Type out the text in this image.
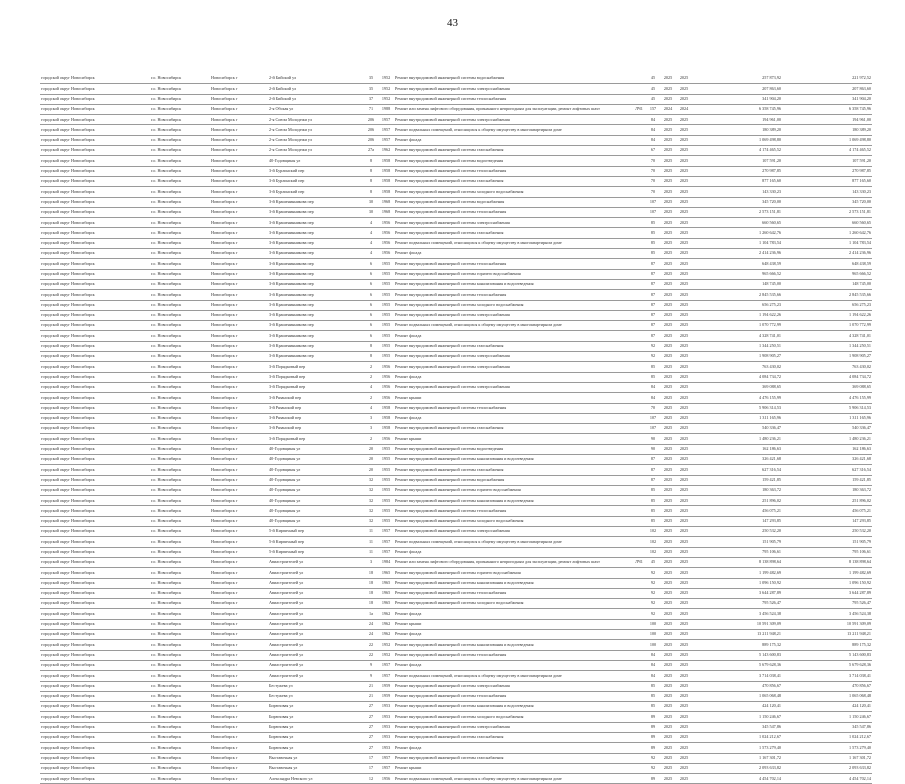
43
городской округ Новосибирск	г.о. Новосибирск	Новосибирск г	2-й Бийский ул	35	1952	Ремонт внутридомовой инженерной системы водоснабжения		45	2025	2025	257 873,92	221 972,52
городской округ Новосибирск	г.о. Новосибирск	Новосибирск г	2-й Бийский ул	35	1952	Ремонт внутридомовой инженерной системы электроснабжения		45	2025	2025	207 863,60	207 863,60
городской округ Новосибирск	г.о. Новосибирск	Новосибирск г	2-й Бийский ул	37	1952	Ремонт внутридомовой инженерной системы теплоснабжения		45	2025	2025	341 904,20	341 904,20
городской округ Новосибирск	г.о. Новосибирск	Новосибирск г	2-я Обская ул	71	1988	Ремонт или замена лифтового оборудования, признанного непригодным для эксплуатации, ремонт лифтовых шахт	ЛЧ1	157	2024	2024	6 358 745,96	6 358 745,96
городской округ Новосибирск	г.о. Новосибирск	Новосибирск г	2-я Союза Молодежи ул	206	1957	Ремонт внутридомовой инженерной системы электроснабжения		84	2025	2025	194 961,00	194 961,00
городской округ Новосибирск	г.о. Новосибирск	Новосибирск г	2-я Союза Молодежи ул	206	1957	Ремонт подвальных помещений, относящихся к общему имуществу в многоквартирном доме		84	2025	2025	180 389,20	180 389,20
городской округ Новосибирск	г.о. Новосибирск	Новосибирск г	2-я Союза Молодежи ул	206	1957	Ремонт фасада		84	2025	2025	1 069 498,80	1 069 498,80
городской округ Новосибирск	г.о. Новосибирск	Новосибирск г	2-я Союза Молодежи ул	27а	1962	Ремонт внутридомовой инженерной системы газоснабжения		67	2025	2025	4 174 465,52	4 174 465,52
городской округ Новосибирск	г.о. Новосибирск	Новосибирск г	40-Годовщины ул	8	1958	Ремонт внутридомовой инженерной системы водоотведения		70	2025	2025	107 591,20	107 591,20
городской округ Новосибирск	г.о. Новосибирск	Новосибирск г	3-й Бурлинский пер	8	1958	Ремонт внутридомовой инженерной системы теплоснабжения		70	2025	2025	270 987,85	270 987,85
городской округ Новосибирск	г.о. Новосибирск	Новосибирск г	3-й Бурлинский пер	8	1958	Ремонт внутридомовой инженерной системы газоснабжения		70	2025	2025	877 165,60	877 165,60
городской округ Новосибирск	г.о. Новосибирск	Новосибирск г	3-й Бурлинский пер	8	1958	Ремонт внутридомовой инженерной системы холодного водоснабжения		70	2025	2025	143 330,23	143 330,23
городской округ Новосибирск	г.о. Новосибирск	Новосибирск г	3-й Крашенинникова пер	30	1968	Ремонт внутридомовой инженерной системы водоснабжения		107	2025	2025	345 720,00	345 720,00
городской округ Новосибирск	г.о. Новосибирск	Новосибирск г	3-й Крашенинникова пер	30	1968	Ремонт внутридомовой инженерной системы теплоснабжения		107	2025	2025	2 573 151,81	2 573 151,81
городской округ Новосибирск	г.о. Новосибирск	Новосибирск г	3-й Крашенинникова пер	4	1956	Ремонт внутридомовой инженерной системы электроснабжения		85	2025	2025	660 560,65	660 560,65
городской округ Новосибирск	г.о. Новосибирск	Новосибирск г	3-й Крашенинникова пер	4	1956	Ремонт внутридомовой инженерной системы газоснабжения		85	2025	2025	1 260 642,76	1 260 642,76
городской округ Новосибирск	г.о. Новосибирск	Новосибирск г	3-й Крашенинникова пер	4	1956	Ремонт подвальных помещений, относящихся к общему имуществу в многоквартирном доме		85	2025	2025	1 104 783,54	1 104 783,54
городской округ Новосибирск	г.о. Новосибирск	Новосибирск г	3-й Крашенинникова пер	4	1956	Ремонт фасада		85	2025	2025	2 414 236,96	2 414 236,96
городской округ Новосибирск	г.о. Новосибирск	Новосибирск г	3-й Крашенинникова пер	6	1955	Ремонт внутридомовой инженерной системы теплоснабжения		87	2025	2025	648 438,59	648 438,59
городской округ Новосибирск	г.о. Новосибирск	Новосибирск г	3-й Крашенинникова пер	6	1955	Ремонт внутридомовой инженерной системы горячего водоснабжения		87	2025	2025	965 666,52	965 666,52
городской округ Новосибирск	г.о. Новосибирск	Новосибирск г	3-й Крашенинникова пер	6	1955	Ремонт внутридомовой инженерной системы канализования и водоотведения		87	2025	2025	148 745,00	148 745,00
городской округ Новосибирск	г.о. Новосибирск	Новосибирск г	3-й Крашенинникова пер	6	1955	Ремонт внутридомовой инженерной системы теплоснабжения		87	2025	2025	2 845 535,66	2 845 535,66
городской округ Новосибирск	г.о. Новосибирск	Новосибирск г	3-й Крашенинникова пер	6	1955	Ремонт внутридомовой инженерной системы холодного водоснабжения		87	2025	2025	656 275,23	656 275,23
городской округ Новосибирск	г.о. Новосибирск	Новосибирск г	3-й Крашенинникова пер	6	1955	Ремонт внутридомовой инженерной системы электроснабжения		87	2025	2025	1 194 622,26	1 194 622,26
городской округ Новосибирск	г.о. Новосибирск	Новосибирск г	3-й Крашенинникова пер	6	1955	Ремонт подвальных помещений, относящихся к общему имуществу в многоквартирном доме		87	2025	2025	1 070 772,99	1 070 772,99
городской округ Новосибирск	г.о. Новосибирск	Новосибирск г	3-й Крашенинникова пер	6	1955	Ремонт фасада		87	2025	2025	4 328 741,01	4 328 741,01
городской округ Новосибирск	г.о. Новосибирск	Новосибирск г	3-й Крашенинникова пер	8	1955	Ремонт внутридомовой инженерной системы газоснабжения		92	2025	2025	1 344 250,51	1 344 250,51
городской округ Новосибирск	г.о. Новосибирск	Новосибирск г	3-й Крашенинникова пер	8	1955	Ремонт внутридомовой инженерной системы электроснабжения		92	2025	2025	1 908 905,27	1 908 905,27
городской округ Новосибирск	г.о. Новосибирск	Новосибирск г	3-й Порядковый пер	2	1956	Ремонт внутридомовой инженерной системы электроснабжения		85	2025	2025	763 430,02	763 430,02
городской округ Новосибирск	г.о. Новосибирск	Новосибирск г	3-й Порядковый пер	2	1956	Ремонт фасада		85	2025	2025	4 084 734,72	4 084 734,72
городской округ Новосибирск	г.о. Новосибирск	Новосибирск г	3-й Порядковый пер	4	1956	Ремонт внутридомовой инженерной системы электроснабжения		84	2025	2025	369 088,65	369 088,65
городской округ Новосибирск	г.о. Новосибирск	Новосибирск г	3-й Рязанский пер	2	1956	Ремонт крыши		84	2025	2025	4 476 155,99	4 476 155,99
городской округ Новосибирск	г.о. Новосибирск	Новосибирск г	3-й Рязанский пер	4	1958	Ремонт внутридомовой инженерной системы теплоснабжения		70	2025	2025	5 906 314,53	5 906 314,53
городской округ Новосибирск	г.о. Новосибирск	Новосибирск г	3-й Рязанский пер	3	1958	Ремонт фасада		107	2025	2025	1 311 165,96	1 311 165,96
городской округ Новосибирск	г.о. Новосибирск	Новосибирск г	3-й Рязанский пер	3	1958	Ремонт внутридомовой инженерной системы газоснабжения		107	2025	2025	540 336,47	540 336,47
городской округ Новосибирск	г.о. Новосибирск	Новосибирск г	3-й Порядковый пер	2	1956	Ремонт крыши		90	2025	2025	1 480 236,21	1 480 236,21
городской округ Новосибирск	г.о. Новосибирск	Новосибирск г	40-Годовщины ул	20	1955	Ремонт внутридомовой инженерной системы водоотведения		90	2025	2025	162 186,63	162 186,63
городской округ Новосибирск	г.о. Новосибирск	Новосибирск г	40-Годовщины ул	20	1955	Ремонт внутридомовой инженерной системы канализования и водоотведения		87	2025	2025	326 421,68	326 421,68
городской округ Новосибирск	г.о. Новосибирск	Новосибирск г	40-Годовщины ул	20	1955	Ремонт внутридомовой инженерной системы газоснабжения		87	2025	2025	627 316,54	627 316,54
городской округ Новосибирск	г.о. Новосибирск	Новосибирск г	40-Годовщины ул	32	1955	Ремонт внутридомовой инженерной системы водоснабжения		87	2025	2025	159 421,85	159 421,85
городской округ Новосибирск	г.о. Новосибирск	Новосибирск г	40-Годовщины ул	32	1955	Ремонт внутридомовой инженерной системы горячего водоснабжения		85	2025	2025	180 363,72	180 363,72
городской округ Новосибирск	г.о. Новосибирск	Новосибирск г	40-Годовщины ул	32	1955	Ремонт внутридомовой инженерной системы канализования и водоотведения		85	2025	2025	251 896,02	251 896,02
городской округ Новосибирск	г.о. Новосибирск	Новосибирск г	40-Годовщины ул	32	1955	Ремонт внутридомовой инженерной системы теплоснабжения		85	2025	2025	456 075,21	456 075,21
городской округ Новосибирск	г.о. Новосибирск	Новосибирск г	40-Годовщины ул	32	1955	Ремонт внутридомовой инженерной системы холодного водоснабжения		85	2025	2025	147 293,85	147 293,85
городской округ Новосибирск	г.о. Новосибирск	Новосибирск г	5-й Кирпичный пер	11	1957	Ремонт внутридомовой инженерной системы электроснабжения		102	2025	2025	250 532,20	250 532,20
городской округ Новосибирск	г.о. Новосибирск	Новосибирск г	5-й Кирпичный пер	11	1957	Ремонт подвальных помещений, относящихся к общему имуществу в многоквартирном доме		102	2025	2025	151 905,79	151 905,79
городской округ Новосибирск	г.о. Новосибирск	Новосибирск г	5-й Кирпичный пер	11	1957	Ремонт фасада		102	2025	2025	795 106,61	795 106,61
городской округ Новосибирск	г.о. Новосибирск	Новосибирск г	Авиастроителей ул	3	1984	Ремонт или замена лифтового оборудования, признанного непригодным для эксплуатации, ремонт лифтовых шахт	ЛЧ1	45	2025	2025	8 138 898,64	8 138 898,64
городской округ Новосибирск	г.о. Новосибирск	Новосибирск г	Авиастроителей ул	18	1965	Ремонт внутридомовой инженерной системы горячего водоснабжения		92	2025	2025	1 199 482,69	1 199 482,69
городской округ Новосибирск	г.о. Новосибирск	Новосибирск г	Авиастроителей ул	18	1965	Ремонт внутридомовой инженерной системы канализования и водоотведения		92	2025	2025	1 096 150,92	1 096 150,92
городской округ Новосибирск	г.о. Новосибирск	Новосибирск г	Авиастроителей ул	18	1965	Ремонт внутридомовой инженерной системы теплоснабжения		92	2025	2025	3 644 287,89	3 644 287,89
городской округ Новосибирск	г.о. Новосибирск	Новосибирск г	Авиастроителей ул	18	1965	Ремонт внутридомовой инженерной системы холодного водоснабжения		92	2025	2025	795 526,47	795 526,47
городской округ Новосибирск	г.о. Новосибирск	Новосибирск г	Авиастроителей ул	1а	1962	Ремонт фасада		92	2025	2025	3 456 524,38	3 456 524,38
городской округ Новосибирск	г.о. Новосибирск	Новосибирск г	Авиастроителей ул	24	1962	Ремонт крыши		100	2025	2025	10 591 309,09	10 591 309,09
городской округ Новосибирск	г.о. Новосибирск	Новосибирск г	Авиастроителей ул	24	1962	Ремонт фасада		100	2025	2025	13 211 948,21	13 211 948,21
городской округ Новосибирск	г.о. Новосибирск	Новосибирск г	Авиастроителей ул	22	1952	Ремонт внутридомовой инженерной системы канализования и водоотведения		100	2025	2025	889 175,32	889 175,32
городской округ Новосибирск	г.о. Новосибирск	Новосибирск г	Авиастроителей ул	22	1952	Ремонт внутридомовой инженерной системы теплоснабжения		84	2025	2025	5 143 600,83	5 143 600,83
городской округ Новосибирск	г.о. Новосибирск	Новосибирск г	Авиастроителей ул	9	1957	Ремонт фасада		84	2025	2025	5 679 628,36	5 679 628,36
городской округ Новосибирск	г.о. Новосибирск	Новосибирск г	Авиастроителей ул	9	1957	Ремонт подвальных помещений, относящихся к общему имуществу в многоквартирном доме		84	2025	2025	3 714 038,41	3 714 038,41
городской округ Новосибирск	г.о. Новосибирск	Новосибирск г	Бестужева ул	21	1959	Ремонт внутридомовой инженерной системы электроснабжения		85	2025	2025	470 856,67	470 856,67
городской округ Новосибирск	г.о. Новосибирск	Новосибирск г	Бестужева ул	21	1959	Ремонт внутридомовой инженерной системы теплоснабжения		85	2025	2025	1 065 068,48	1 065 068,48
городской округ Новосибирск	г.о. Новосибирск	Новосибирск г	Бирюзовая ул	27	1953	Ремонт внутридомовой инженерной системы канализования и водоотведения		85	2025	2025	424 120,41	424 120,41
городской округ Новосибирск	г.о. Новосибирск	Новосибирск г	Бирюзовая ул	27	1953	Ремонт внутридомовой инженерной системы холодного водоснабжения		89	2025	2025	1 150 246,67	1 150 246,67
городской округ Новосибирск	г.о. Новосибирск	Новосибирск г	Бирюзовая ул	27	1953	Ремонт внутридомовой инженерной системы электроснабжения		89	2025	2025	345 547,86	345 547,86
городской округ Новосибирск	г.о. Новосибирск	Новосибирск г	Бирюзовая ул	27	1953	Ремонт внутридомовой инженерной системы газоснабжения		89	2025	2025	1 024 212,67	1 024 212,67
городской округ Новосибирск	г.о. Новосибирск	Новосибирск г	Бирюзовая ул	27	1953	Ремонт фасада		89	2025	2025	1 573 279,40	1 573 279,40
городской округ Новосибирск	г.о. Новосибирск	Новосибирск г	Выставочная ул	17	1957	Ремонт внутридомовой инженерной системы газоснабжения		92	2025	2025	1 167 301,72	1 167 301,72
городской округ Новосибирск	г.о. Новосибирск	Новосибирск г	Выставочная ул	17	1957	Ремонт крыши		92	2025	2025	2 093 633,82	2 093 633,82
городской округ Новосибирск	г.о. Новосибирск	Новосибирск г	Александра Невского ул	12	1956	Ремонт подвальных помещений, относящихся к общему имуществу в многоквартирном доме		89	2025	2025	4 454 702,14	4 454 702,14
